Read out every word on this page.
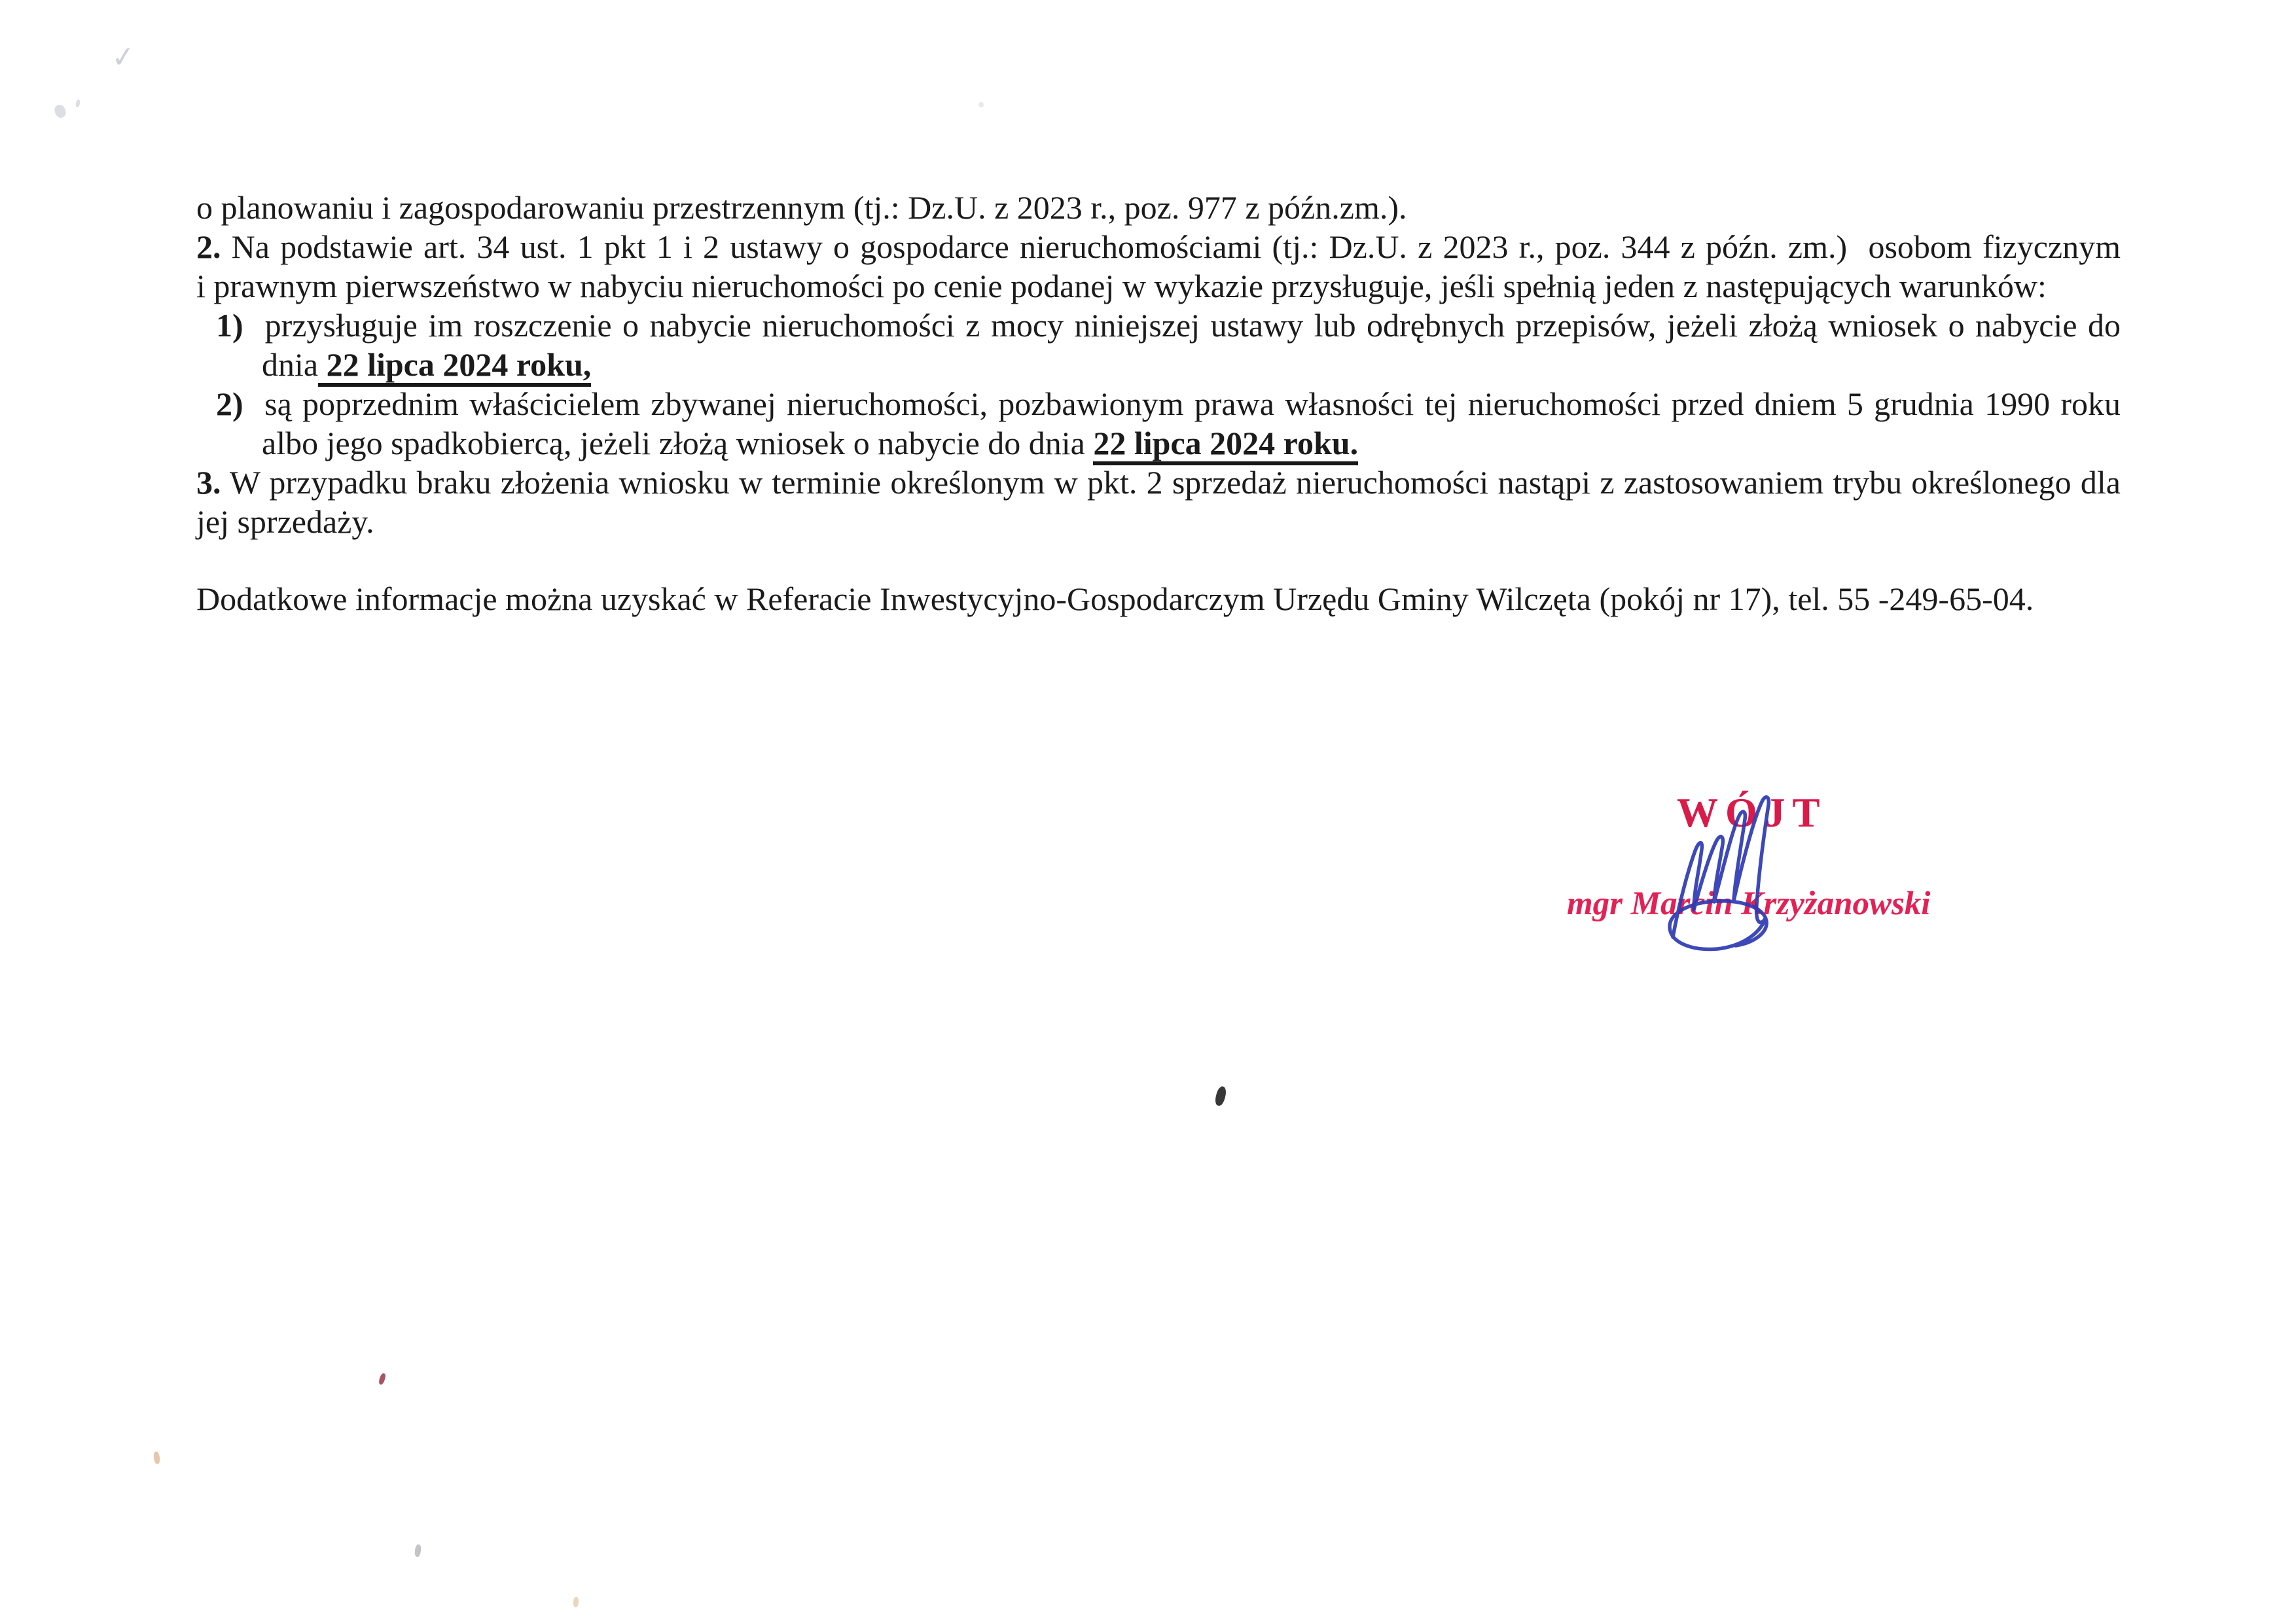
o planowaniu i zagospodarowaniu przestrzennym (tj.: Dz.U. z 2023 r., poz. 977 z późn.zm.).
2. Na podstawie art. 34 ust. 1 pkt 1 i 2 ustawy o gospodarce nieruchomościami (tj.: Dz.U. z 2023 r., poz. 344 z późn. zm.)  osobom fizycznym
i prawnym pierwszeństwo w nabyciu nieruchomości po cenie podanej w wykazie przysługuje, jeśli spełnią jeden z następujących warunków:
1)  przysługuje im roszczenie o nabycie nieruchomości z mocy niniejszej ustawy lub odrębnych przepisów, jeżeli złożą wniosek o nabycie do
dnia 22 lipca 2024 roku,
2)  są poprzednim właścicielem zbywanej nieruchomości, pozbawionym prawa własności tej nieruchomości przed dniem 5 grudnia 1990 roku
albo jego spadkobiercą, jeżeli złożą wniosek o nabycie do dnia 22 lipca 2024 roku.
3. W przypadku braku złożenia wniosku w terminie określonym w pkt. 2 sprzedaż nieruchomości nastąpi z zastosowaniem trybu określonego dla
jej sprzedaży.
Dodatkowe informacje można uzyskać w Referacie Inwestycyjno-Gospodarczym Urzędu Gminy Wilczęta (pokój nr 17), tel. 55 -249-65-04.
WÓJT
mgr Marcin Krzyżanowski
✓
